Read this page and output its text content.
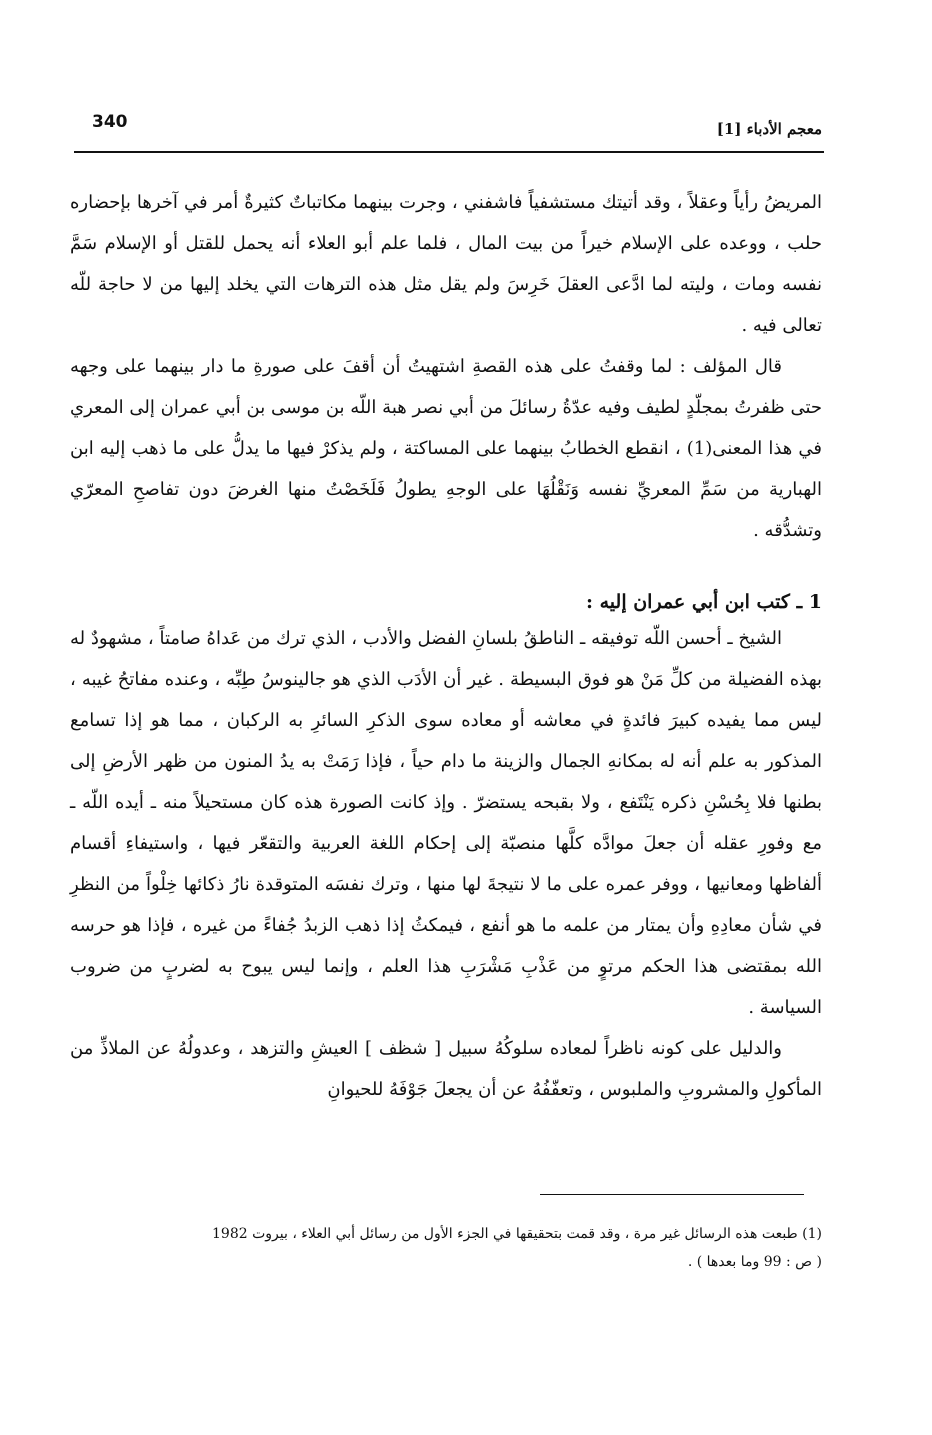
340	معجم الأدباء [1]

المريضُ رأياً وعقلاً ، وقد أتيتك مستشفياً فاشفني ، وجرت بينهما مكاتباتٌ كثيرةٌ أمر في آخرها بإحضاره حلب ، ووعده على الإسلام خيراً من بيت المال ، فلما علم أبو العلاء أنه يحمل للقتل أو الإسلام سَمَّ نفسه ومات ، وليته لما ادَّعى العقلَ خَرِسَ ولم يقل مثل هذه الترهات التي يخلد إليها من لا حاجة للّه تعالى فيه .

قال المؤلف : لما وقفتُ على هذه القصةِ اشتهيتُ أن أقفَ على صورةِ ما دار بينهما على وجهه حتى ظفرتُ بمجلّدٍ لطيف وفيه عدّةُ رسائلَ من أبي نصر هبة اللّه بن موسى بن أبي عمران إلى المعري في هذا المعنى(1) ، انقطع الخطابُ بينهما على المساكتة ، ولم يذكرْ فيها ما يدلُّ على ما ذهب إليه ابن الهبارية من سَمِّ المعريِّ نفسه وَنَقْلُهَا على الوجهِ يطولُ فَلَخَصْتُ منها الغرضَ دون تفاصحِ المعرّي وتشدُّقه .

1 ـ كتب ابن أبي عمران إليه :

الشيخ ـ أحسن اللّه توفيقه ـ الناطقُ بلسانِ الفضل والأدب ، الذي ترك من عَداهُ صامتاً ، مشهودٌ له بهذه الفضيلة من كلِّ مَنْ هو فوق البسيطة . غير أن الأدَب الذي هو جالينوسُ طِبِّه ، وعنده مفاتحُ غيبه ، ليس مما يفيده كبيرَ فائدةٍ في معاشه أو معاده سوى الذكرِ السائرِ به الركبان ، مما هو إذا تسامع المذكور به علم أنه له بمكانهِ الجمال والزينة ما دام حياً ، فإذا رَمَتْ به يدُ المنون من ظهر الأرضِ إلى بطنها فلا بِحُسْنِ ذكره يَنْتَفع ، ولا بقبحه يستضرّ . وإذ كانت الصورة هذه كان مستحيلاً منه ـ أيده اللّه ـ مع وفورِ عقله أن جعلَ موادَّه كلَّها منصبّة إلى إحكام اللغة العربية والتقعّر فيها ، واستيفاءِ أقسام ألفاظها ومعانيها ، ووفر عمره على ما لا نتيجةَ لها منها ، وترك نفسَه المتوقدة نارُ ذكائها خِلْواً من النظرِ في شأن معادِهِ وأن يمتار من علمه ما هو أنفع ، فيمكثُ إذا ذهب الزبدُ جُفاءً من غيره ، فإذا هو حرسه الله بمقتضى هذا الحكم مرتوٍ من عَذْبِ مَشْرَبِ هذا العلم ، وإنما ليس يبوح به لضربٍ من ضروب السياسة .

والدليل على كونه ناظراً لمعاده سلوكُهُ سبيل [ شظف ] العيشِ والتزهد ، وعدولُهُ عن الملاذِّ من المأكولِ والمشروبِ والملبوس ، وتعفّفُهُ عن أن يجعلَ جَوْفَهُ للحيوانِ

(1) طبعت هذه الرسائل غير مرة ، وقد قمت بتحقيقها في الجزء الأول من رسائل أبي العلاء ، بيروت 1982

( ص : 99 وما بعدها ) .
